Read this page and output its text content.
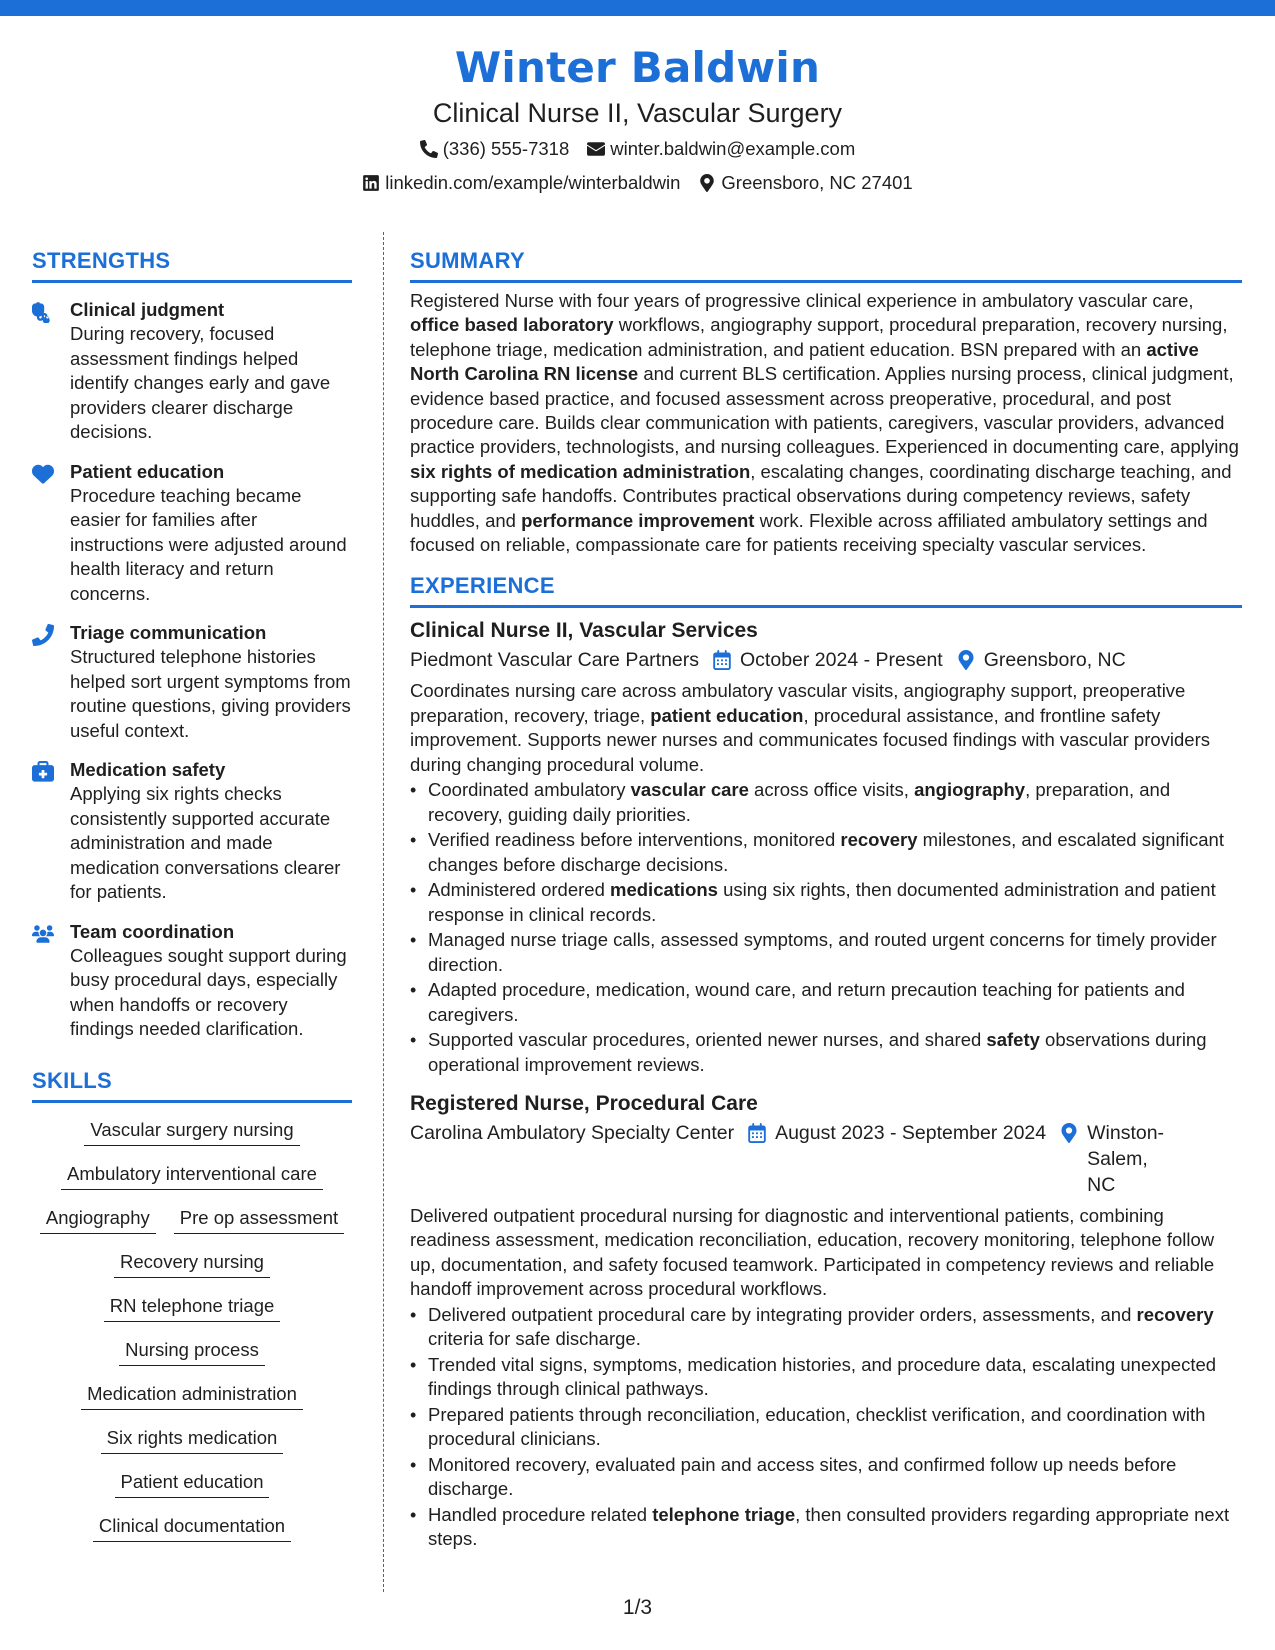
Winter Baldwin
Clinical Nurse II, Vascular Surgery
(336) 555-7318 winter.baldwin@example.com
linkedin.com/example/winterbaldwin Greensboro, NC 27401
STRENGTHS
Clinical judgment
During recovery, focused assessment findings helped identify changes early and gave providers clearer discharge decisions.
Patient education
Procedure teaching became easier for families after instructions were adjusted around health literacy and return concerns.
Triage communication
Structured telephone histories helped sort urgent symptoms from routine questions, giving providers useful context.
Medication safety
Applying six rights checks consistently supported accurate administration and made medication conversations clearer for patients.
Team coordination
Colleagues sought support during busy procedural days, especially when handoffs or recovery findings needed clarification.
SKILLS
Vascular surgery nursing
Ambulatory interventional care
Angiography	Pre op assessment
Recovery nursing
RN telephone triage
Nursing process
Medication administration
Six rights medication
Patient education
Clinical documentation
SUMMARY
Registered Nurse with four years of progressive clinical experience in ambulatory vascular care, office based laboratory workflows, angiography support, procedural preparation, recovery nursing, telephone triage, medication administration, and patient education. BSN prepared with an active North Carolina RN license and current BLS certification. Applies nursing process, clinical judgment, evidence based practice, and focused assessment across preoperative, procedural, and post procedure care. Builds clear communication with patients, caregivers, vascular providers, advanced practice providers, technologists, and nursing colleagues. Experienced in documenting care, applying six rights of medication administration, escalating changes, coordinating discharge teaching, and supporting safe handoffs. Contributes practical observations during competency reviews, safety huddles, and performance improvement work. Flexible across affiliated ambulatory settings and focused on reliable, compassionate care for patients receiving specialty vascular services.
EXPERIENCE
Clinical Nurse II, Vascular Services
Piedmont Vascular Care Partners October 2024 - Present Greensboro, NC
Coordinates nursing care across ambulatory vascular visits, angiography support, preoperative preparation, recovery, triage, patient education, procedural assistance, and frontline safety improvement. Supports newer nurses and communicates focused findings with vascular providers during changing procedural volume.
• Coordinated ambulatory vascular care across office visits, angiography, preparation, and recovery, guiding daily priorities.
• Verified readiness before interventions, monitored recovery milestones, and escalated significant changes before discharge decisions.
• Administered ordered medications using six rights, then documented administration and patient response in clinical records.
• Managed nurse triage calls, assessed symptoms, and routed urgent concerns for timely provider direction.
• Adapted procedure, medication, wound care, and return precaution teaching for patients and caregivers.
• Supported vascular procedures, oriented newer nurses, and shared safety observations during operational improvement reviews.
Registered Nurse, Procedural Care
Carolina Ambulatory Specialty Center August 2023 - September 2024 Winston-Salem, NC
Delivered outpatient procedural nursing for diagnostic and interventional patients, combining readiness assessment, medication reconciliation, education, recovery monitoring, telephone follow up, documentation, and safety focused teamwork. Participated in competency reviews and reliable handoff improvement across procedural workflows.
• Delivered outpatient procedural care by integrating provider orders, assessments, and recovery criteria for safe discharge.
• Trended vital signs, symptoms, medication histories, and procedure data, escalating unexpected findings through clinical pathways.
• Prepared patients through reconciliation, education, checklist verification, and coordination with procedural clinicians.
• Monitored recovery, evaluated pain and access sites, and confirmed follow up needs before discharge.
• Handled procedure related telephone triage, then consulted providers regarding appropriate next steps.
1/3
